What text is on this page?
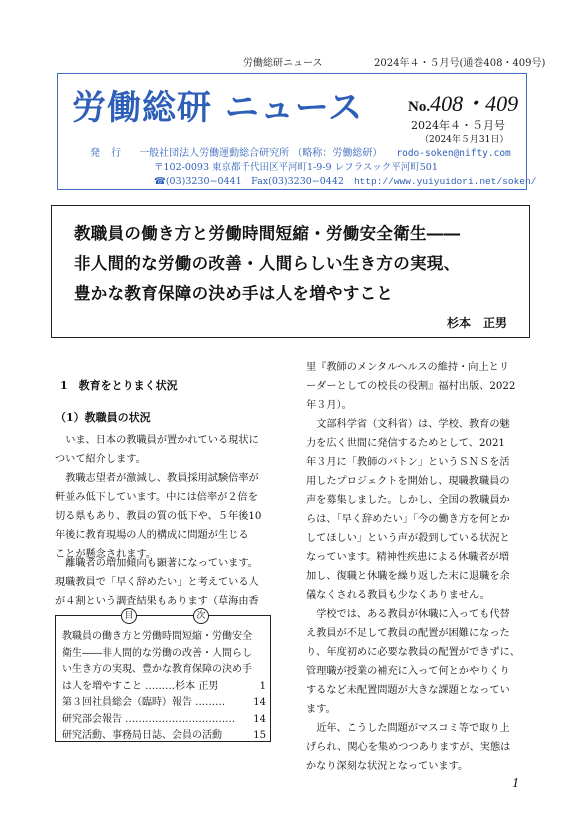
労働総研ニュース	2024年４・５月号(通巻408・409号)
労働総研 ニュース	No.408・409
2024年４・５月号
（2024年５月31日）
発 行 一般社団法人労働運動総合研究所 （略称：労働総研） rodo-soken@nifty.com
〒102-0093 東京都千代田区平河町1-9-9 レフラスック平河町501
☎(03)3230−0441　Fax(03)3230−0442 http://www.yuiyuidori.net/soken/
教職員の働き方と労働時間短縮・労働安全衛生――
非人間的な労働の改善・人間らしい生き方の実現、
豊かな教育保障の決め手は人を増やすこと
杉本　正男
1　教育をとりまく状況
（1）教職員の状況

いま、日本の教職員が置かれている現状に
ついて紹介します。

教職志望者が激減し、教員採用試験倍率が
軒並み低下しています。中には倍率が２倍を
切る県もあり、教員の質の低下や、５年後10
年後に教育現場の人的構成に問題が生じる
ことが懸念されます。

離職者の増加傾向も顕著になっています。
現職教員で「早く辞めたい」と考えている人
が４割という調査結果もあります（草海由香

目	次
教職員の働き方と労働時間短縮・労働安全
衛生――非人間的な労働の改善・人間らし
い生き方の実現、豊かな教育保障の決め手
は人を増やすこと ………杉本 正男	1
第３回社員総会（臨時）報告 ………	14
研究部会報告 …………………………… 14
研究活動、事務局日誌、会員の活動	15

里『教師のメンタルヘルスの維持・向上とリ
ーダーとしての校長の役割』福村出版、2022
年３月）。

文部科学省（文科省）は、学校、教育の魅
力を広く世間に発信するためとして、2021
年３月に「教師のバトン」というＳＮＳを活
用したプロジェクトを開始し、現職教職員の
声を募集しました。しかし、全国の教職員か
らは、「早く辞めたい」「今の働き方を何とか
してほしい」という声が殺到している状況と
なっています。精神性疾患による休職者が増
加し、復職と休職を繰り返した末に退職を余
儀なくされる教員も少なくありません。

学校では、ある教員が休職に入っても代替
え教員が不足して教員の配置が困難になった
り、年度初めに必要な教員の配置ができずに、
管理職が授業の補充に入って何とかやりくり
するなど未配置問題が大きな課題となってい
ます。

近年、こうした問題がマスコミ等で取り上
げられ、関心を集めつつありますが、実態は
かなり深刻な状況となっています。

1
